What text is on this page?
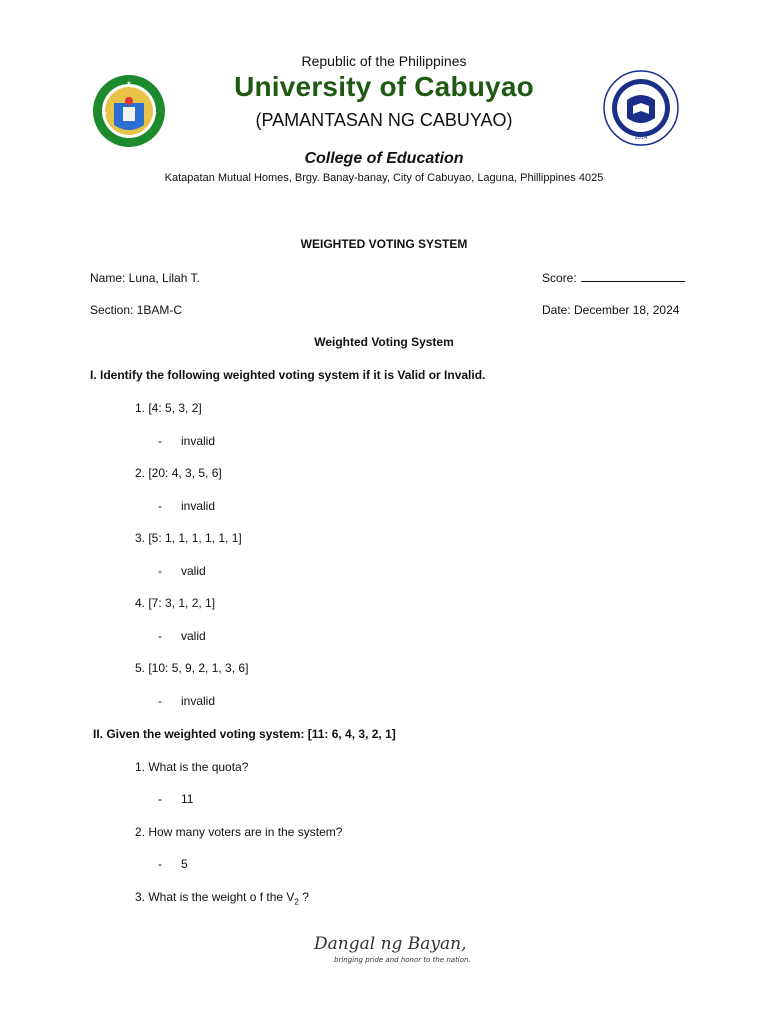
★
★	★
2014
Republic of the Philippines
University of Cabuyao
(PAMANTASAN NG CABUYAO)
College of Education
Katapatan Mutual Homes, Brgy. Banay-banay, City of Cabuyao, Laguna, Phillippines 4025
WEIGHTED VOTING SYSTEM
Name: Luna, Lilah T.	Score:
Section: 1BAM-C	Date: December 18, 2024
Weighted Voting System
I. Identify the following weighted voting system if it is Valid or Invalid.
1. [4: 5, 3, 2]
- invalid
2. [20: 4, 3, 5, 6]
- invalid
3. [5: 1, 1, 1, 1, 1, 1]
- valid
4. [7: 3, 1, 2, 1]
- valid
5. [10: 5, 9, 2, 1, 3, 6]
- invalid
II. Given the weighted voting system: [11: 6, 4, 3, 2, 1]
1. What is the quota?
- 11
2. How many voters are in the system?
- 5
3. What is the weight o f the $V_2$ ?
Dangal ng Bayan,
bringing pride and honor to the nation.
